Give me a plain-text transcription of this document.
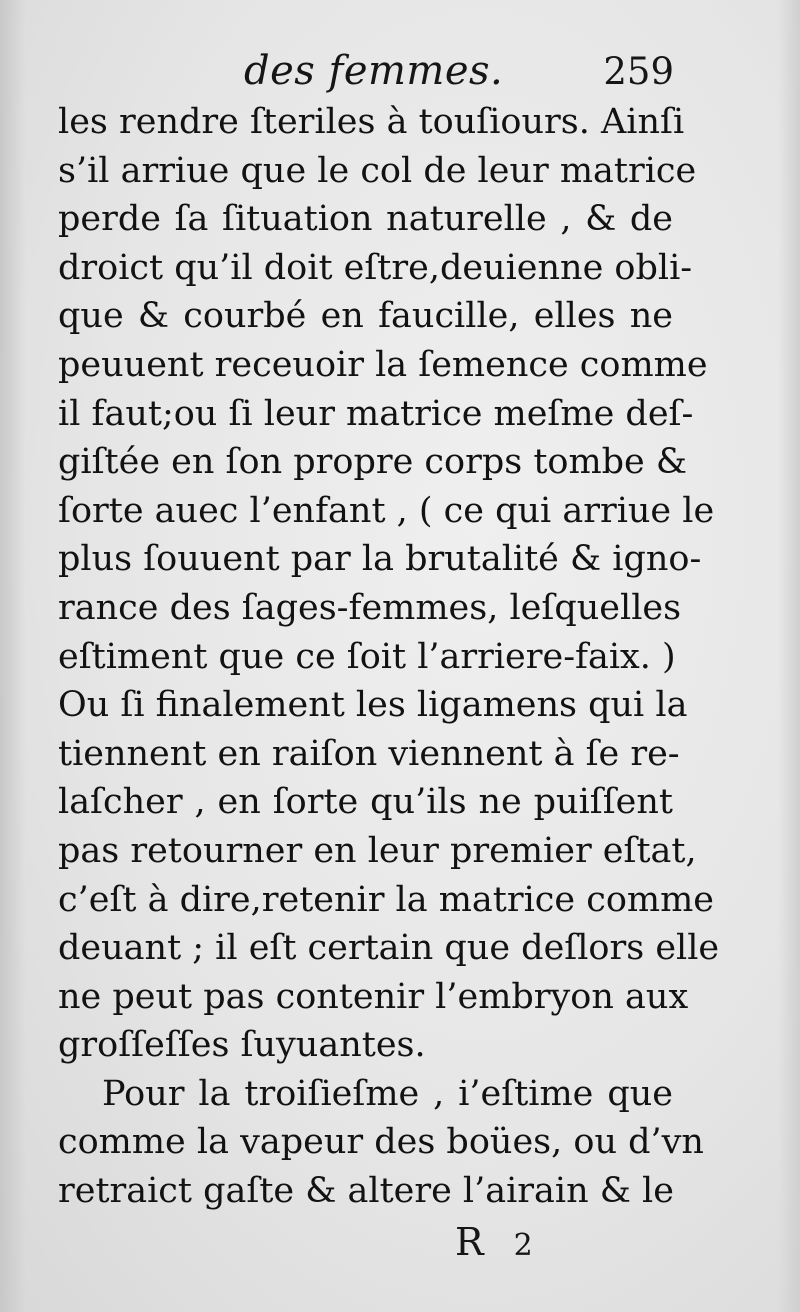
des femmes.	259
les rendre ſteriles à touſiours. Ainſi
s’il arriue que le col de leur matrice
perde ſa ſituation naturelle , & de
droict qu’il doit eſtre,deuienne obli-
que & courbé en faucille, elles ne
peuuent receuoir la ſemence comme
il faut;ou ſi leur matrice meſme deſ-
giſtée en ſon propre corps tombe &
ſorte auec l’enfant , ( ce qui arriue le
plus ſouuent par la brutalité & igno-
rance des ſages-femmes, leſquelles
eſtiment que ce ſoit l’arriere-faix. )
Ou ſi finalement les ligamens qui la
tiennent en raiſon viennent à ſe re-
laſcher , en ſorte qu’ils ne puiſſent
pas retourner en leur premier eſtat,
c’eſt à dire,retenir la matrice comme
deuant ; il eſt certain que deſlors elle
ne peut pas contenir l’embryon aux
groſſeſſes ſuyuantes.
Pour la troiſieſme , i’eſtime que
comme la vapeur des boües, ou d’vn
retraict gaſte & altere l’airain & le
R 2
